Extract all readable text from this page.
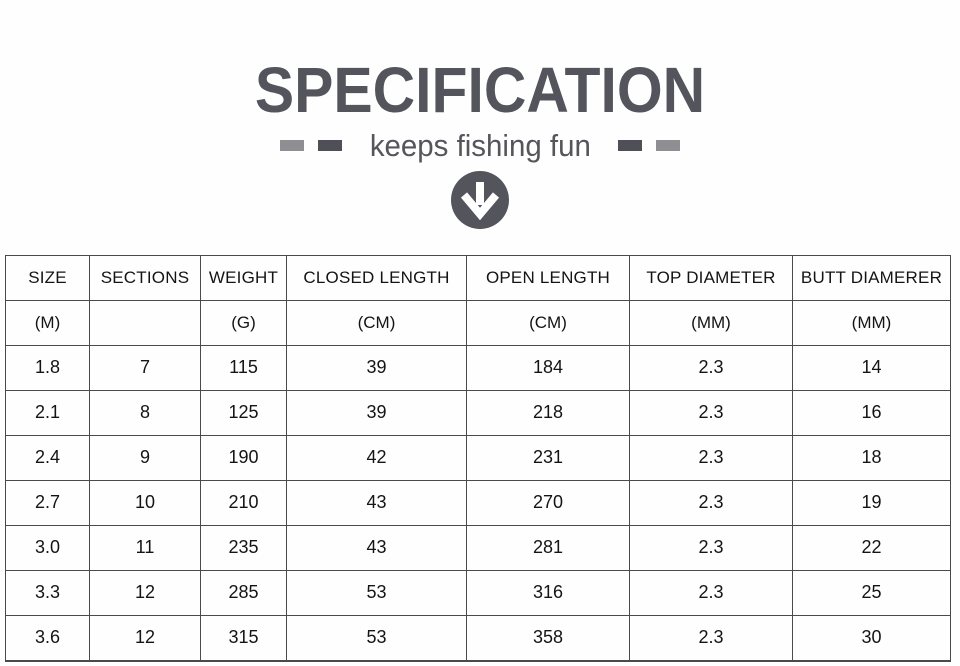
SPECIFICATION
keeps fishing fun
SIZE	SECTIONS	WEIGHT	CLOSED LENGTH	OPEN LENGTH	TOP DIAMETER	BUTT DIAMERER
(M)		(G)	(CM)	(CM)	(MM)	(MM)
1.8	7	115	39	184	2.3	14
2.1	8	125	39	218	2.3	16
2.4	9	190	42	231	2.3	18
2.7	10	210	43	270	2.3	19
3.0	11	235	43	281	2.3	22
3.3	12	285	53	316	2.3	25
3.6	12	315	53	358	2.3	30
